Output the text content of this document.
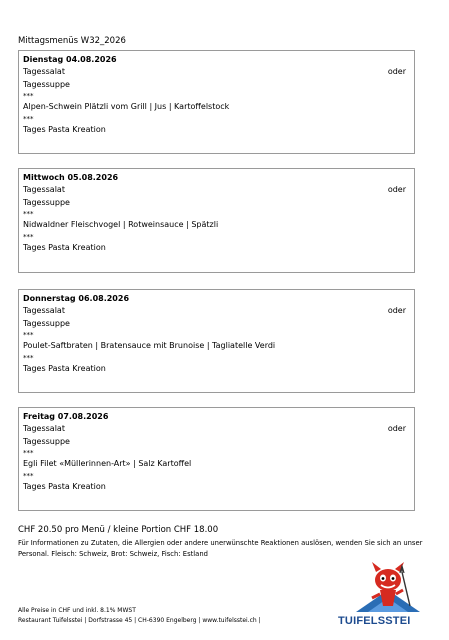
Mittagsmenüs W32_2026
Dienstag 04.08.2026
oder
Tagessalat
Tagessuppe
***
Alpen-Schwein Plätzli vom Grill | Jus | Kartoffelstock
***
Tages Pasta Kreation
Mittwoch 05.08.2026
oder
Tagessalat
Tagessuppe
***
Nidwaldner Fleischvogel | Rotweinsauce | Spätzli
***
Tages Pasta Kreation
Donnerstag 06.08.2026
oder
Tagessalat
Tagessuppe
***
Poulet-Saftbraten | Bratensauce mit Brunoise | Tagliatelle Verdi
***
Tages Pasta Kreation
Freitag 07.08.2026
oder
Tagessalat
Tagessuppe
***
Egli Filet «Müllerinnen-Art» | Salz Kartoffel
***
Tages Pasta Kreation
CHF 20.50 pro Menü / kleine Portion CHF 18.00
Für Informationen zu Zutaten, die Allergien oder andere unerwünschte Reaktionen auslösen, wenden Sie sich an unser Personal. Fleisch: Schweiz, Brot: Schweiz, Fisch: Estland
Alle Preise in CHF und inkl. 8.1% MWST
Restaurant Tuifelsstei | Dorfstrasse 45 | CH-6390 Engelberg | www.tuifelsstei.ch |	TUIFELSSTEI
